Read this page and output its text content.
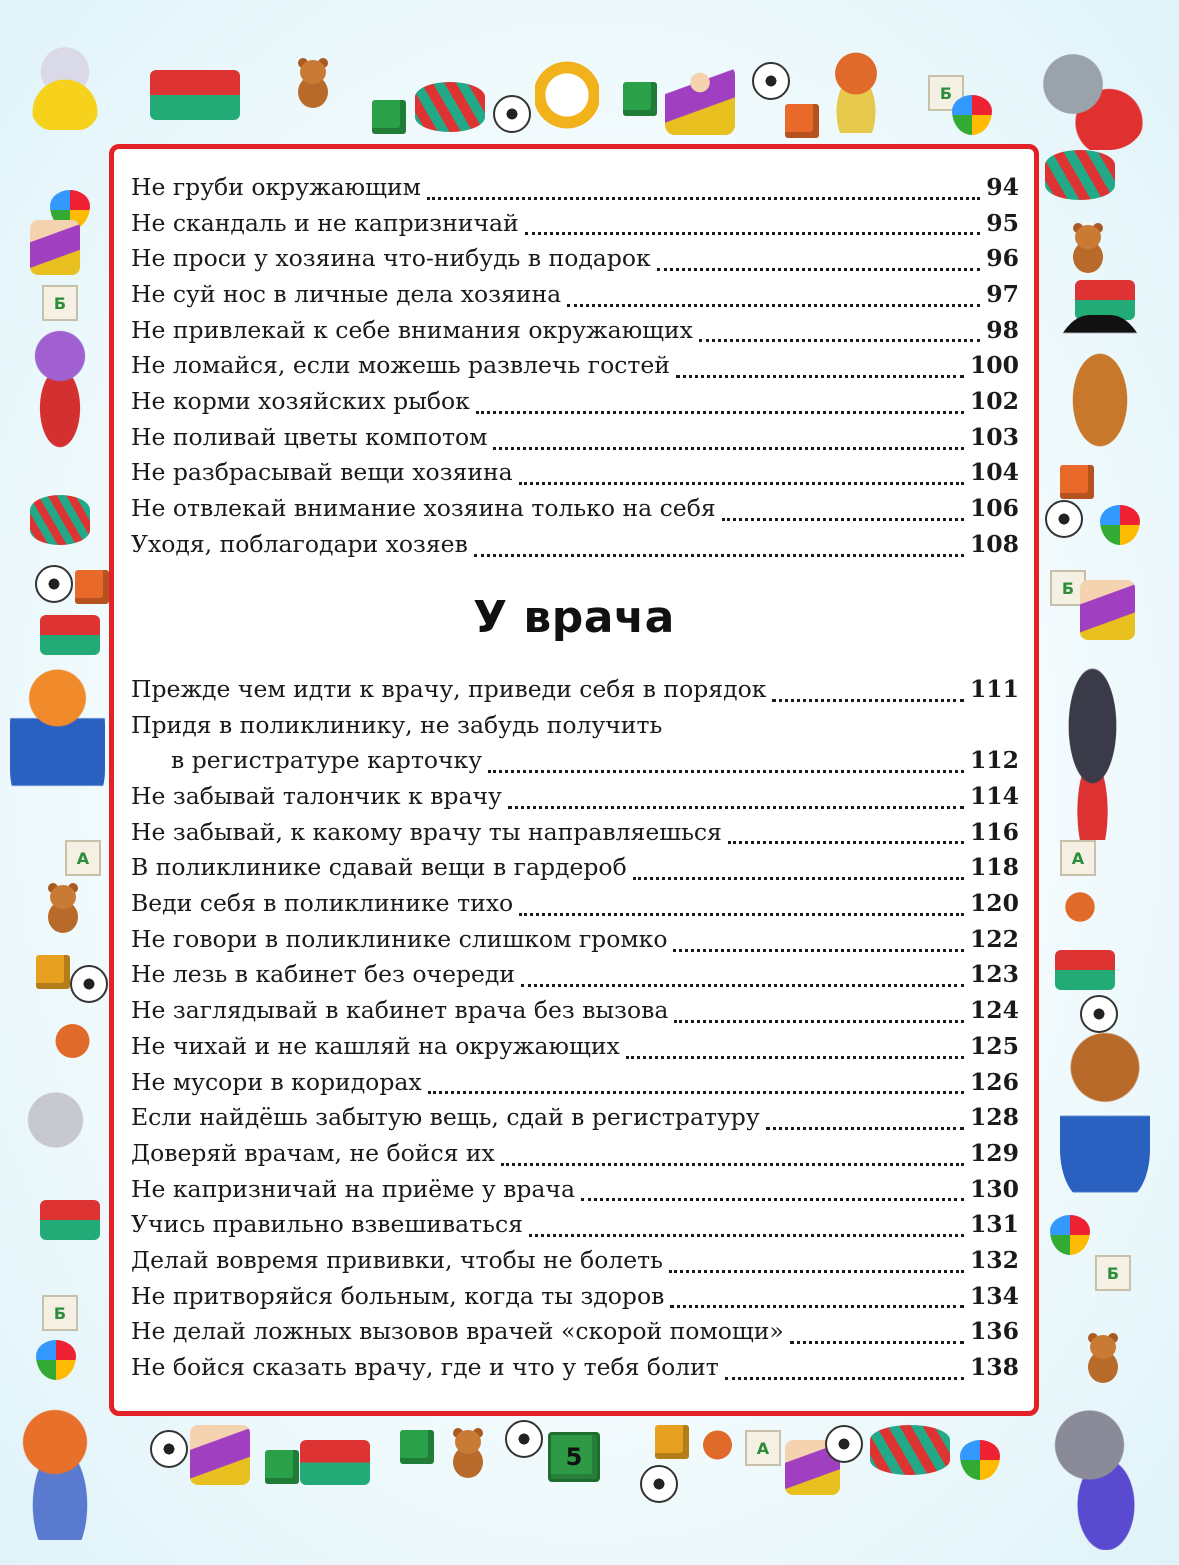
Б
Б
А
Б
Б
А
Б
А
Не груби окружающим	94
Не скандаль и не капризничай	95
Не проси у хозяина что-нибудь в подарок	96
Не суй нос в личные дела хозяина	97
Не привлекай к себе внимания окружающих	98
Не ломайся, если можешь развлечь гостей	100
Не корми хозяйских рыбок	102
Не поливай цветы компотом	103
Не разбрасывай вещи хозяина	104
Не отвлекай внимание хозяина только на себя	106
Уходя, поблагодари хозяев	108
У врача
Прежде чем идти к врачу, приведи себя в порядок	111
Придя в поликлинику, не забудь получить
в регистратуре карточку	112
Не забывай талончик к врачу	114
Не забывай, к какому врачу ты направляешься	116
В поликлинике сдавай вещи в гардероб	118
Веди себя в поликлинике тихо	120
Не говори в поликлинике слишком громко	122
Не лезь в кабинет без очереди	123
Не заглядывай в кабинет врача без вызова	124
Не чихай и не кашляй на окружающих	125
Не мусори в коридорах	126
Если найдёшь забытую вещь, сдай в регистратуру	128
Доверяй врачам, не бойся их	129
Не капризничай на приёме у врача	130
Учись правильно взвешиваться	131
Делай вовремя прививки, чтобы не болеть	132
Не притворяйся больным, когда ты здоров	134
Не делай ложных вызовов врачей «скорой помощи»	136
Не бойся сказать врачу, где и что у тебя болит	138
5
